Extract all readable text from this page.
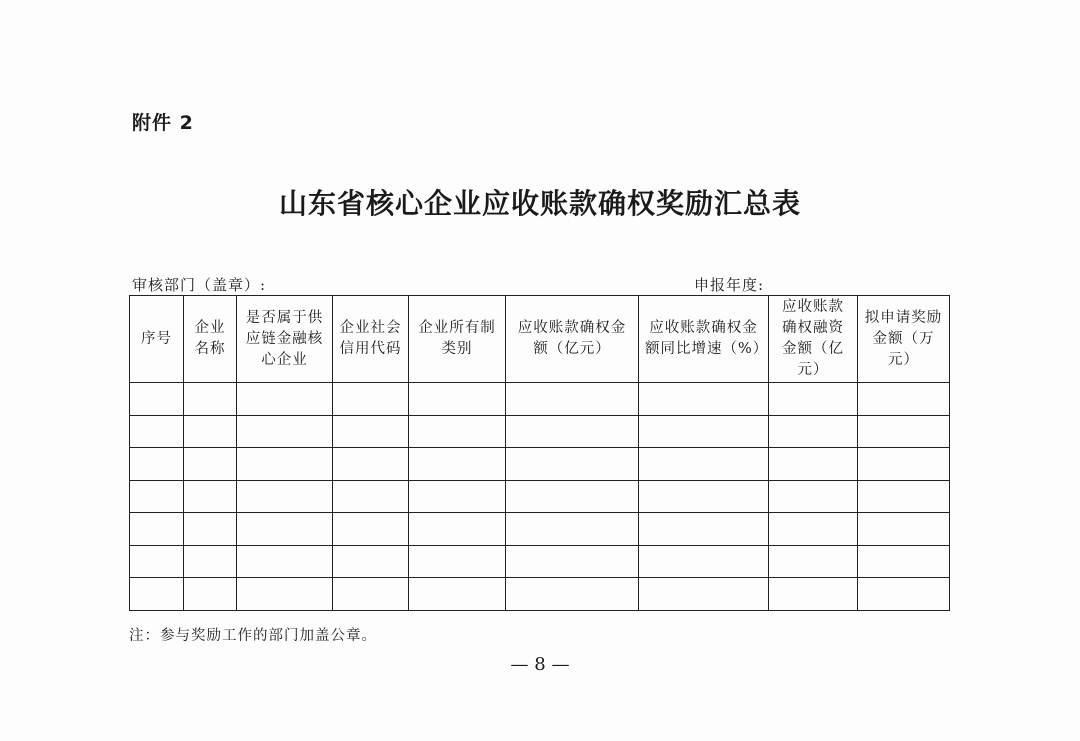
附件 2
山东省核心企业应收账款确权奖励汇总表
审核部门（盖章）:	申报年度:
序号	企业名称	是否属于供应链金融核心企业	企业社会信用代码	企业所有制类别	应收账款确权金额（亿元）	应收账款确权金额同比增速（%）	应收账款确权融资金额（亿元）	拟申请奖励金额（万元）

注：参与奖励工作的部门加盖公章。
— 8 —
